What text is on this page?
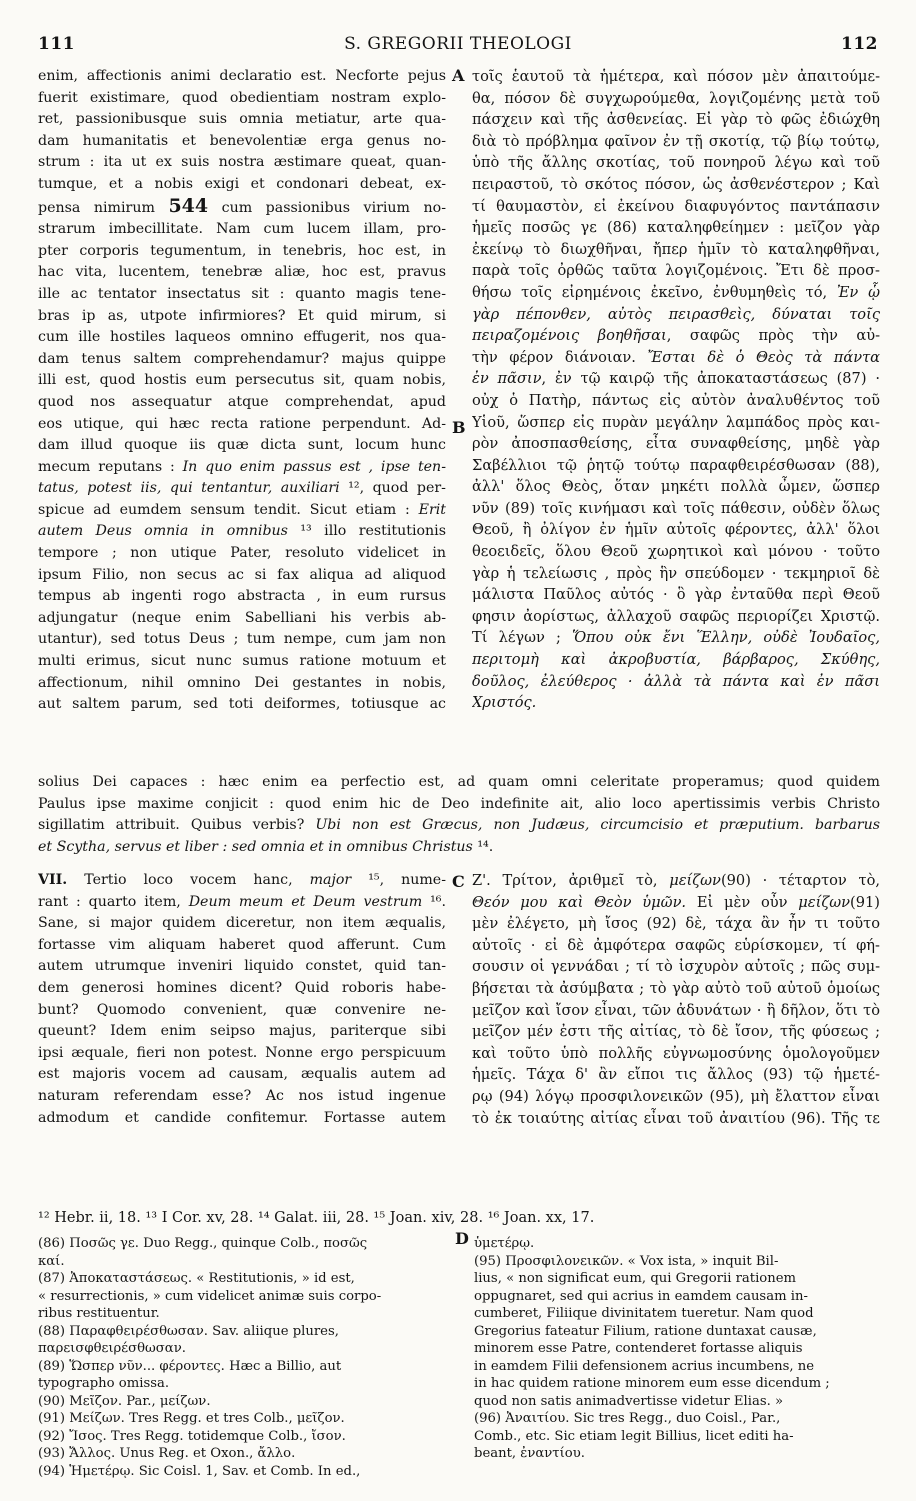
111	S. GREGORII THEOLOGI	112
A
B
C
D
enim, affectionis animi declaratio est. Necforte pejus
fuerit existimare, quod obedientiam nostram explo-
ret, passionibusque suis omnia metiatur, arte qua-
dam humanitatis et benevolentiæ erga genus no-
strum : ita ut ex suis nostra æstimare queat, quan-
tumque, et a nobis exigi et condonari debeat, ex-
pensa nimirum 544 cum passionibus virium no-
strarum imbecillitate. Nam cum lucem illam, pro-
pter corporis tegumentum, in tenebris, hoc est, in
hac vita, lucentem, tenebræ aliæ, hoc est, pravus
ille ac tentator insectatus sit : quanto magis tene-
bras ip as, utpote infirmiores? Et quid mirum, si
cum ille hostiles laqueos omnino effugerit, nos qua-
dam tenus saltem comprehendamur? majus quippe
illi est, quod hostis eum persecutus sit, quam nobis,
quod nos assequatur atque comprehendat, apud
eos utique, qui hæc recta ratione perpendunt. Ad-
dam illud quoque iis quæ dicta sunt, locum hunc
mecum reputans : In quo enim passus est , ipse ten-
tatus, potest iis, qui tentantur, auxiliari ¹², quod per-
spicue ad eumdem sensum tendit. Sicut etiam : Erit
autem Deus omnia in omnibus ¹³ illo restitutionis
tempore ; non utique Pater, resoluto videlicet in
ipsum Filio, non secus ac si fax aliqua ad aliquod
tempus ab ingenti rogo abstracta , in eum rursus
adjungatur (neque enim Sabelliani his verbis ab-
utantur), sed totus Deus ; tum nempe, cum jam non
multi erimus, sicut nunc sumus ratione motuum et
affectionum, nihil omnino Dei gestantes in nobis,
aut saltem parum, sed toti deiformes, totiusque ac
τοῖς ἑαυτοῦ τὰ ἡμέτερα, καὶ πόσον μὲν ἀπαιτούμε-
θα, πόσον δὲ συγχωρούμεθα, λογιζομένης μετὰ τοῦ
πάσχειν καὶ τῆς ἀσθενείας. Εἰ γὰρ τὸ φῶς ἐδιώχθη
διὰ τὸ πρόβλημα φαῖνον ἐν τῇ σκοτίᾳ, τῷ βίῳ τούτῳ,
ὑπὸ τῆς ἄλλης σκοτίας, τοῦ πονηροῦ λέγω καὶ τοῦ
πειραστοῦ, τὸ σκότος πόσον, ὡς ἀσθενέστερον ; Καὶ
τί θαυμαστὸν, εἰ ἐκείνου διαφυγόντος παντάπασιν
ἡμεῖς ποσῶς γε (86) καταληφθείημεν : μεῖζον γὰρ
ἐκείνῳ τὸ διωχθῆναι, ἤπερ ἡμῖν τὸ καταληφθῆναι,
παρὰ τοῖς ὀρθῶς ταῦτα λογιζομένοις. Ἔτι δὲ προσ-
θήσω τοῖς εἰρημένοις ἐκεῖνο, ἐνθυμηθεὶς τό, Ἐν ᾧ
γὰρ πέπονθεν, αὐτὸς πειρασθεὶς, δύναται τοῖς
πειραζομένοις βοηθῆσαι, σαφῶς πρὸς τὴν αὐ-
τὴν φέρον διάνοιαν. Ἔσται δὲ ὁ Θεὸς τὰ πάντα
ἐν πᾶσιν, ἐν τῷ καιρῷ τῆς ἀποκαταστάσεως (87) ·
οὐχ ὁ Πατὴρ, πάντως εἰς αὐτὸν ἀναλυθέντος τοῦ
Υἱοῦ, ὥσπερ εἰς πυρὰν μεγάλην λαμπάδος πρὸς και-
ρὸν ἀποσπασθείσης, εἶτα συναφθείσης, μηδὲ γὰρ
Σαβέλλιοι τῷ ῥητῷ τούτῳ παραφθειρέσθωσαν (88),
ἀλλ' ὅλος Θεὸς, ὅταν μηκέτι πολλὰ ὦμεν, ὥσπερ
νῦν (89) τοῖς κινήμασι καὶ τοῖς πάθεσιν, οὐδὲν ὅλως
Θεοῦ, ἢ ὀλίγον ἐν ἡμῖν αὐτοῖς φέροντες, ἀλλ' ὅλοι
θεοειδεῖς, ὅλου Θεοῦ χωρητικοὶ καὶ μόνου · τοῦτο
γὰρ ἡ τελείωσις , πρὸς ἣν σπεύδομεν · τεκμηριοῖ δὲ
μάλιστα Παῦλος αὐτός · ὃ γὰρ ἐνταῦθα περὶ Θεοῦ
φησιν ἀορίστως, ἀλλαχοῦ σαφῶς περιορίζει Χριστῷ.
Τί λέγων ; Ὅπου οὐκ ἔνι Ἕλλην, οὐδὲ Ἰουδαῖος,
περιτομὴ καὶ ἀκροβυστία, βάρβαρος, Σκύθης,
δοῦλος, ἐλεύθερος · ἀλλὰ τὰ πάντα καὶ ἐν πᾶσι
Χριστός.
solius Dei capaces : hæc enim ea perfectio est, ad quam omni celeritate properamus; quod quidem
Paulus ipse maxime conjicit : quod enim hic de Deo indefinite ait, alio loco apertissimis verbis Christo
sigillatim attribuit. Quibus verbis? Ubi non est Græcus, non Judæus, circumcisio et præputium. barbarus
et Scytha, servus et liber : sed omnia et in omnibus Christus ¹⁴.
VII. Tertio loco vocem hanc, major ¹⁵, nume-
rant : quarto item, Deum meum et Deum vestrum ¹⁶.
Sane, si major quidem diceretur, non item æqualis,
fortasse vim aliquam haberet quod afferunt. Cum
autem utrumque inveniri liquido constet, quid tan-
dem generosi homines dicent? Quid roboris habe-
bunt? Quomodo convenient, quæ convenire ne-
queunt? Idem enim seipso majus, pariterque sibi
ipsi æquale, fieri non potest. Nonne ergo perspicuum
est majoris vocem ad causam, æqualis autem ad
naturam referendam esse? Ac nos istud ingenue
admodum et candide confitemur. Fortasse autem
Ζ'. Τρίτον, ἀριθμεῖ τὸ, μείζων(90) · τέταρτον τὸ,
Θεόν μου καὶ Θεὸν ὑμῶν. Εἰ μὲν οὖν μείζων(91)
μὲν ἐλέγετο, μὴ ἴσος (92) δὲ, τάχα ἂν ἦν τι τοῦτο
αὐτοῖς · εἰ δὲ ἀμφότερα σαφῶς εὑρίσκομεν, τί φή-
σουσιν οἱ γεννάδαι ; τί τὸ ἰσχυρὸν αὐτοῖς ; πῶς συμ-
βήσεται τὰ ἀσύμβατα ; τὸ γὰρ αὐτὸ τοῦ αὐτοῦ ὁμοίως
μεῖζον καὶ ἴσον εἶναι, τῶν ἀδυνάτων · ἢ δῆλον, ὅτι τὸ
μεῖζον μέν ἐστι τῆς αἰτίας, τὸ δὲ ἴσον, τῆς φύσεως ;
καὶ τοῦτο ὑπὸ πολλῆς εὐγνωμοσύνης ὁμολογοῦμεν
ἡμεῖς. Τάχα δ' ἂν εἴποι τις ἄλλος (93) τῷ ἡμετέ-
ρῳ (94) λόγῳ προσφιλονεικῶν (95), μὴ ἔλαττον εἶναι
τὸ ἐκ τοιαύτης αἰτίας εἶναι τοῦ ἀναιτίου (96). Τῆς τε
¹² Hebr. ii, 18. ¹³ I Cor. xv, 28. ¹⁴ Galat. iii, 28. ¹⁵ Joan. xiv, 28. ¹⁶ Joan. xx, 17.

(86) Ποσῶς γε. Duo Regg., quinque Colb., ποσῶς

καί.

(87) Ἀποκαταστάσεως. « Restitutionis, » id est,

« resurrectionis, » cum videlicet animæ suis corpo-

ribus restituentur.

(88) Παραφθειρέσθωσαν. Sav. aliique plures,

παρεισφθειρέσθωσαν.

(89) Ὥσπερ νῦν... φέροντες. Hæc a Billio, aut

typographo omissa.

(90) Μεῖζον. Par., μείζων.

(91) Μείζων. Tres Regg. et tres Colb., μεῖζον.

(92) Ἴσος. Tres Regg. totidemque Colb., ἴσον.

(93) Ἄλλος. Unus Reg. et Oxon., ἄλλο.

(94) Ἡμετέρῳ. Sic Coisl. 1, Sav. et Comb. In ed.,

ὑμετέρῳ.

(95) Προσφιλονεικῶν. « Vox ista, » inquit Bil-

lius, « non significat eum, qui Gregorii rationem

oppugnaret, sed qui acrius in eamdem causam in-

cumberet, Filiique divinitatem tueretur. Nam quod

Gregorius fateatur Filium, ratione duntaxat causæ,

minorem esse Patre, contenderet fortasse aliquis

in eamdem Filii defensionem acrius incumbens, ne

in hac quidem ratione minorem eum esse dicendum ;

quod non satis animadvertisse videtur Elias. »

(96) Ἀναιτίου. Sic tres Regg., duo Coisl., Par.,

Comb., etc. Sic etiam legit Billius, licet editi ha-

beant, ἐναντίου.
